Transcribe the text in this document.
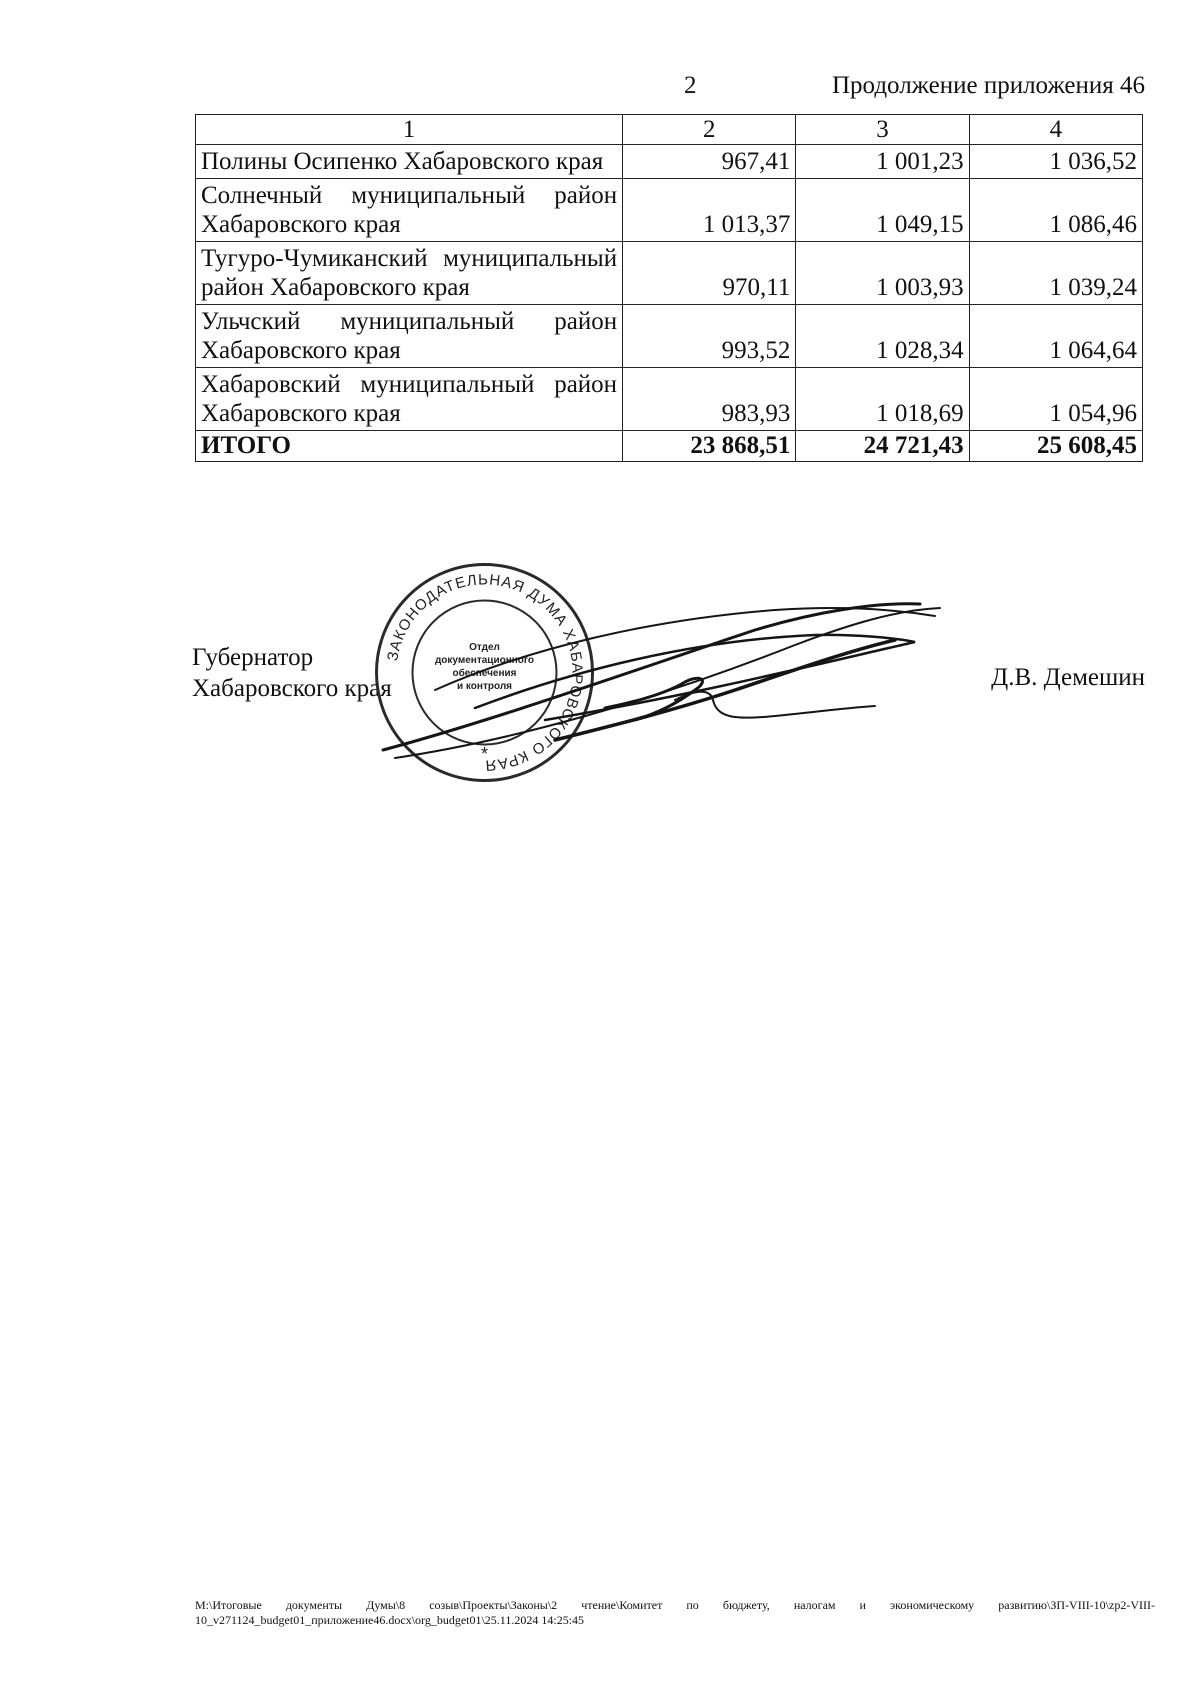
2	Продолжение приложения 46
1	2	3	4
Полины Осипенко Хабаровского края	967,41	1 001,23	1 036,52
Солнечный муниципальный район Хабаровского края	1 013,37	1 049,15	1 086,46
Тугуро-Чумиканский муниципальный район Хабаровского края	970,11	1 003,93	1 039,24
Ульчский муниципальный район Хабаровского края	993,52	1 028,34	1 064,64
Хабаровский муниципальный район Хабаровского края	983,93	1 018,69	1 054,96
ИТОГО	23 868,51	24 721,43	25 608,45
Губернатор
Хабаровского края	Д.В. Демешин
ЗАКОНОДАТЕЛЬНАЯ ДУМА ХАБАРОВСКОГО КРАЯ
Отдел
документационного
обеспечения
и контроля
*
M:\Итоговые документы Думы\8 созыв\Проекты\Законы\2 чтение\Комитет по бюджету, налогам и экономическому развитию\ЗП-VIII-10\zp2-VIII-10_v271124_budget01_приложение46.docx\org_budget01\25.11.2024 14:25:45
